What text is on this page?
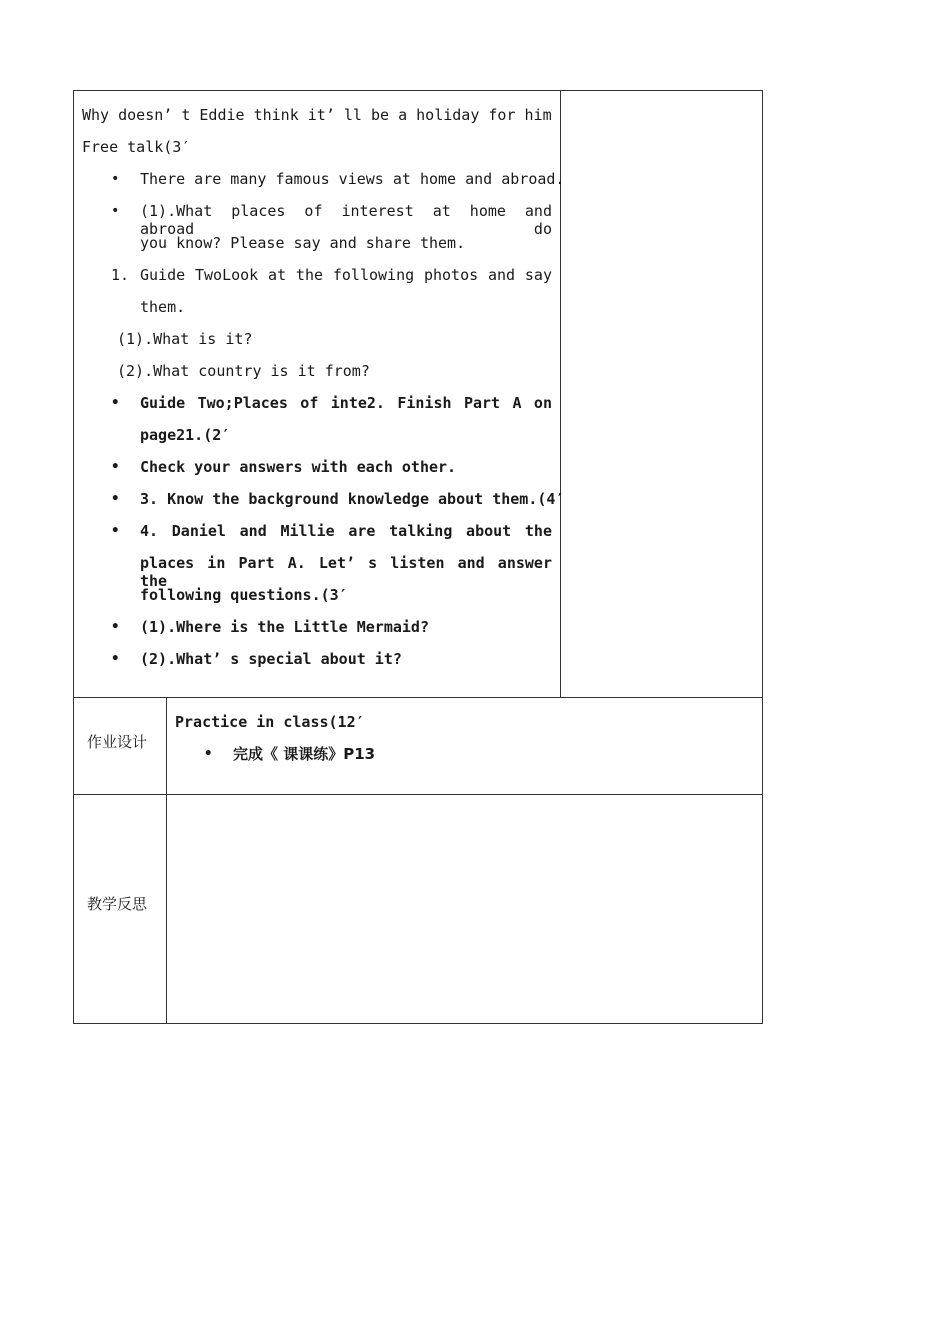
Why doesn’ t Eddie think it’ ll be a holiday for him
Free talk(3′
• There are many famous views at home and abroad.
• (1).What places of interest at home and abroad do
you know? Please say and share them.
1. Guide TwoLook at the following photos and say
them.
(1).What is it?
(2).What country is it from?
• Guide Two;Places of inte2. Finish Part A on
page21.(2′
• Check your answers with each other.
• 3. Know the background knowledge about them.(4′
• 4. Daniel and Millie are talking about the
places in Part A. Let’ s listen and answer the
following questions.(3′
• (1).Where is the Little Mermaid?
• (2).What’ s special about it?
作业设计
Practice in class(12′
• 完成《 课课练》P13
教学反思
